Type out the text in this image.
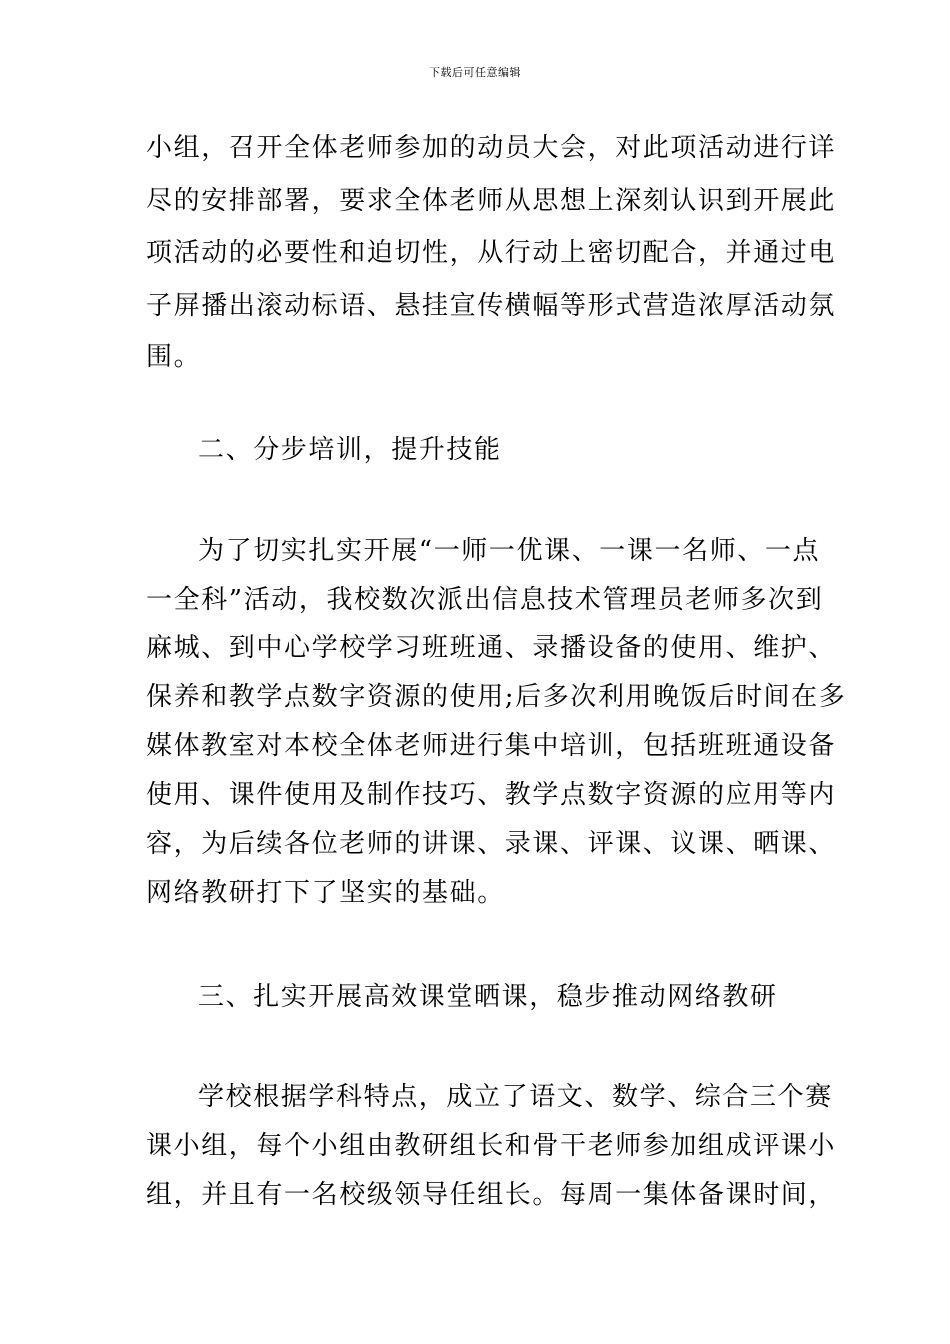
下载后可任意编辑
小组，召开全体老师参加的动员大会，对此项活动进行详
尽的安排部署，要求全体老师从思想上深刻认识到开展此
项活动的必要性和迫切性，从行动上密切配合，并通过电
子屏播出滚动标语、悬挂宣传横幅等形式营造浓厚活动氛
围。
二、分步培训，提升技能
为了切实扎实开展“一师一优课、一课一名师、一点
一全科”活动，我校数次派出信息技术管理员老师多次到
麻城、到中心学校学习班班通、录播设备的使用、维护、
保养和教学点数字资源的使用;后多次利用晚饭后时间在多
媒体教室对本校全体老师进行集中培训，包括班班通设备
使用、课件使用及制作技巧、教学点数字资源的应用等内
容，为后续各位老师的讲课、录课、评课、议课、晒课、
网络教研打下了坚实的基础。
三、扎实开展高效课堂晒课，稳步推动网络教研
学校根据学科特点，成立了语文、数学、综合三个赛
课小组，每个小组由教研组长和骨干老师参加组成评课小
组，并且有一名校级领导任组长。每周一集体备课时间，
